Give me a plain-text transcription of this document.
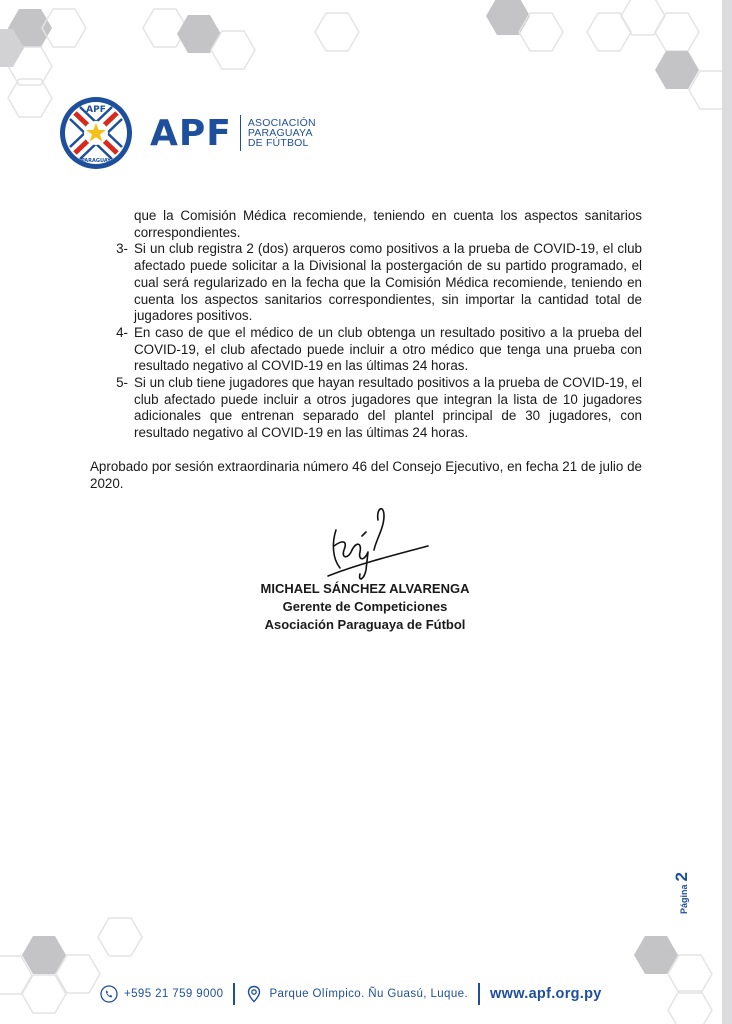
APF
PARAGUAY
APF ASOCIACIÓN
PARAGUAYA
DE FÚTBOL

que la Comisión Médica recomiende, teniendo en cuenta los aspectos sanitarios correspondientes.

3- Si un club registra 2 (dos) arqueros como positivos a la prueba de COVID-19, el club afectado puede solicitar a la Divisional la postergación de su partido programado, el cual será regularizado en la fecha que la Comisión Médica recomiende, teniendo en cuenta los aspectos sanitarios correspondientes, sin importar la cantidad total de jugadores positivos.
4- En caso de que el médico de un club obtenga un resultado positivo a la prueba del COVID-19, el club afectado puede incluir a otro médico que tenga una prueba con resultado negativo al COVID-19 en las últimas 24 horas.
5- Si un club tiene jugadores que hayan resultado positivos a la prueba de COVID-19, el club afectado puede incluir a otros jugadores que integran la lista de 10 jugadores adicionales que entrenan separado del plantel principal de 30 jugadores, con resultado negativo al COVID-19 en las últimas 24 horas.

Aprobado por sesión extraordinaria número 46 del Consejo Ejecutivo, en fecha 21 de julio de 2020.

MICHAEL SÁNCHEZ ALVARENGA
Gerente de Competiciones
Asociación Paraguaya de Fútbol
Página
2
+595 21 759 9000	Parque Olímpico. Ñu Guasú, Luque. www.apf.org.py
